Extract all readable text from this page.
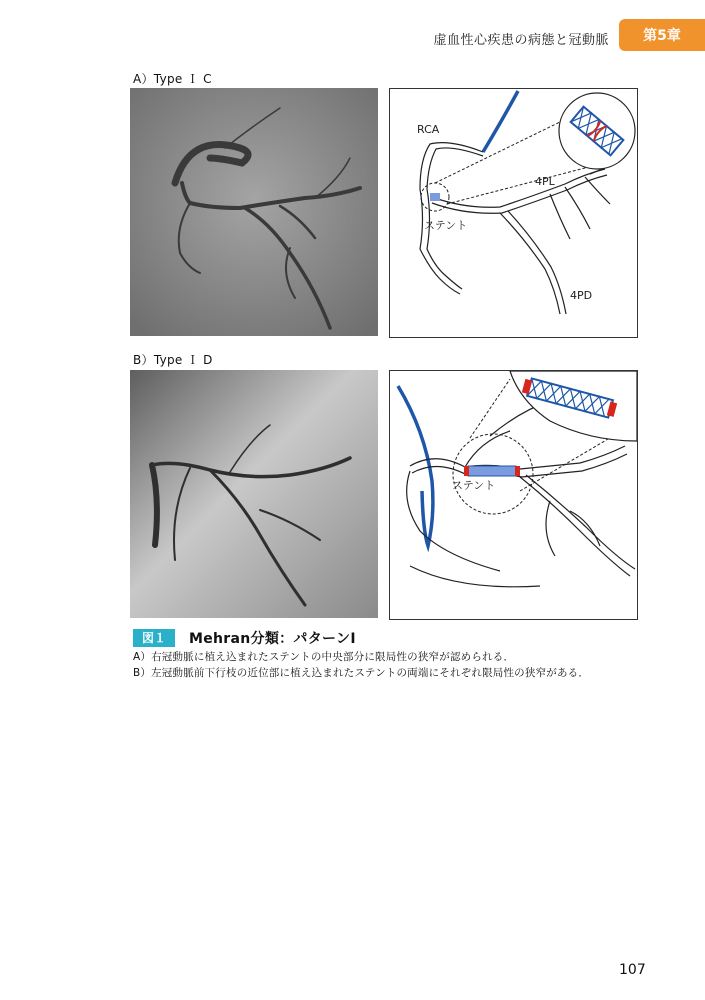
虚血性心疾患の病態と冠動脈	第5章
A）Type Ｉ C
RCA
4PL
ステント
4PD
B）Type Ｉ D
ステント
図１	Mehran分類：パターンⅠ
A）右冠動脈に植え込まれたステントの中央部分に限局性の狭窄が認められる．
B）左冠動脈前下行枝の近位部に植え込まれたステントの両端にそれぞれ限局性の狭窄がある．
107
